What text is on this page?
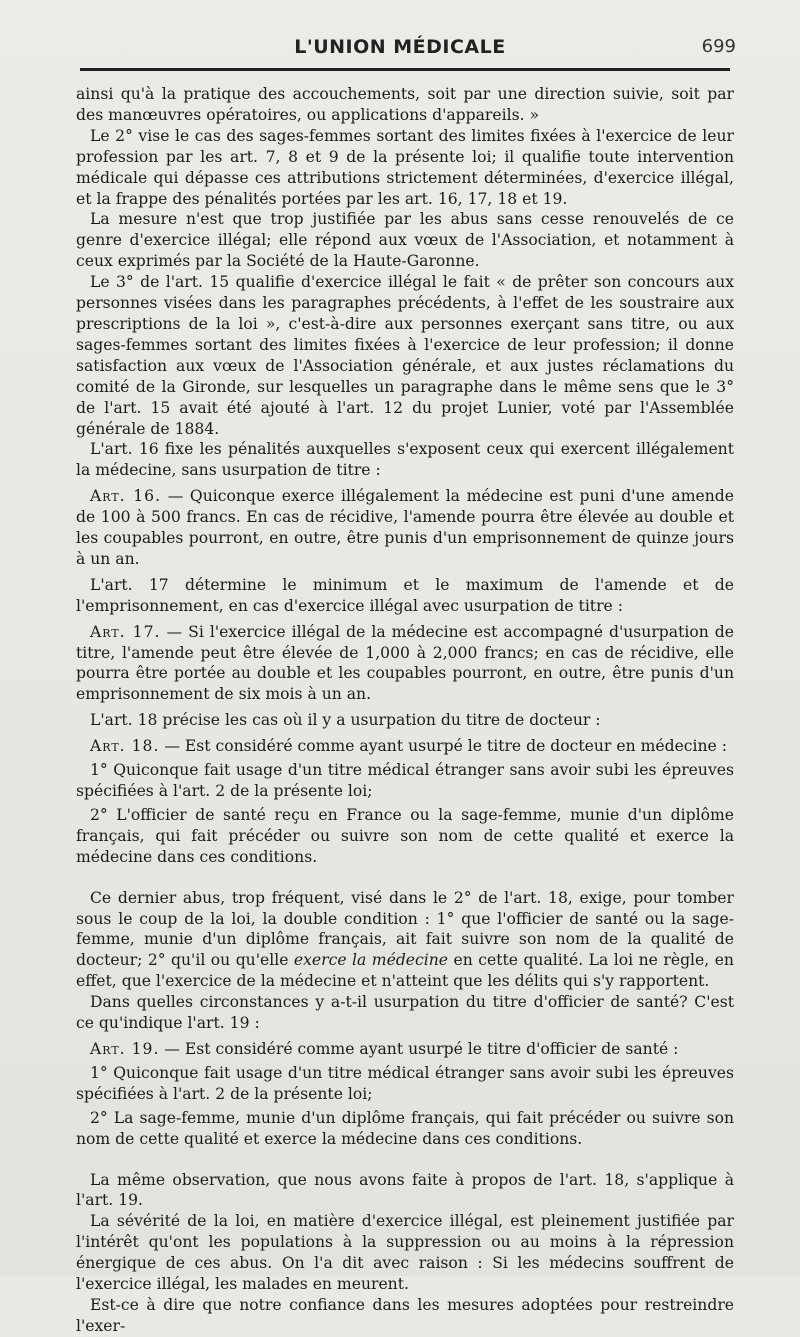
L'UNION MÉDICALE	699

ainsi qu'à la pratique des accouchements, soit par une direction suivie, soit par des manœuvres opératoires, ou applications d'appareils. »

Le 2° vise le cas des sages-femmes sortant des limites fixées à l'exercice de leur profession par les art. 7, 8 et 9 de la présente loi; il qualifie toute intervention médicale qui dépasse ces attributions strictement déterminées, d'exercice illégal, et la frappe des pénalités portées par les art. 16, 17, 18 et 19.

La mesure n'est que trop justifiée par les abus sans cesse renouvelés de ce genre d'exercice illégal; elle répond aux vœux de l'Association, et notamment à ceux exprimés par la Société de la Haute-Garonne.

Le 3° de l'art. 15 qualifie d'exercice illégal le fait « de prêter son concours aux personnes visées dans les paragraphes précédents, à l'effet de les soustraire aux prescriptions de la loi », c'est-à-dire aux personnes exerçant sans titre, ou aux sages-femmes sortant des limites fixées à l'exercice de leur profession; il donne satisfaction aux vœux de l'Association générale, et aux justes réclamations du comité de la Gironde, sur lesquelles un paragraphe dans le même sens que le 3° de l'art. 15 avait été ajouté à l'art. 12 du projet Lunier, voté par l'Assemblée générale de 1884.

L'art. 16 fixe les pénalités auxquelles s'exposent ceux qui exercent illégalement la médecine, sans usurpation de titre :

Art. 16. — Quiconque exerce illégalement la médecine est puni d'une amende de 100 à 500 francs. En cas de récidive, l'amende pourra être élevée au double et les coupables pourront, en outre, être punis d'un emprisonnement de quinze jours à un an.

L'art. 17 détermine le minimum et le maximum de l'amende et de l'emprisonnement, en cas d'exercice illégal avec usurpation de titre :

Art. 17. — Si l'exercice illégal de la médecine est accompagné d'usurpation de titre, l'amende peut être élevée de 1,000 à 2,000 francs; en cas de récidive, elle pourra être portée au double et les coupables pourront, en outre, être punis d'un emprisonnement de six mois à un an.

L'art. 18 précise les cas où il y a usurpation du titre de docteur :

Art. 18. — Est considéré comme ayant usurpé le titre de docteur en médecine :

1° Quiconque fait usage d'un titre médical étranger sans avoir subi les épreuves spécifiées à l'art. 2 de la présente loi;

2° L'officier de santé reçu en France ou la sage-femme, munie d'un diplôme français, qui fait précéder ou suivre son nom de cette qualité et exerce la médecine dans ces conditions.

Ce dernier abus, trop fréquent, visé dans le 2° de l'art. 18, exige, pour tomber sous le coup de la loi, la double condition : 1° que l'officier de santé ou la sage-femme, munie d'un diplôme français, ait fait suivre son nom de la qualité de docteur; 2° qu'il ou qu'elle exerce la médecine en cette qualité. La loi ne règle, en effet, que l'exercice de la médecine et n'atteint que les délits qui s'y rapportent.

Dans quelles circonstances y a-t-il usurpation du titre d'officier de santé? C'est ce qu'indique l'art. 19 :

Art. 19. — Est considéré comme ayant usurpé le titre d'officier de santé :

1° Quiconque fait usage d'un titre médical étranger sans avoir subi les épreuves spécifiées à l'art. 2 de la présente loi;

2° La sage-femme, munie d'un diplôme français, qui fait précéder ou suivre son nom de cette qualité et exerce la médecine dans ces conditions.

La même observation, que nous avons faite à propos de l'art. 18, s'applique à l'art. 19.

La sévérité de la loi, en matière d'exercice illégal, est pleinement justifiée par l'intérêt qu'ont les populations à la suppression ou au moins à la répression énergique de ces abus. On l'a dit avec raison : Si les médecins souffrent de l'exercice illégal, les malades en meurent.

Est-ce à dire que notre confiance dans les mesures adoptées pour restreindre l'exer-
